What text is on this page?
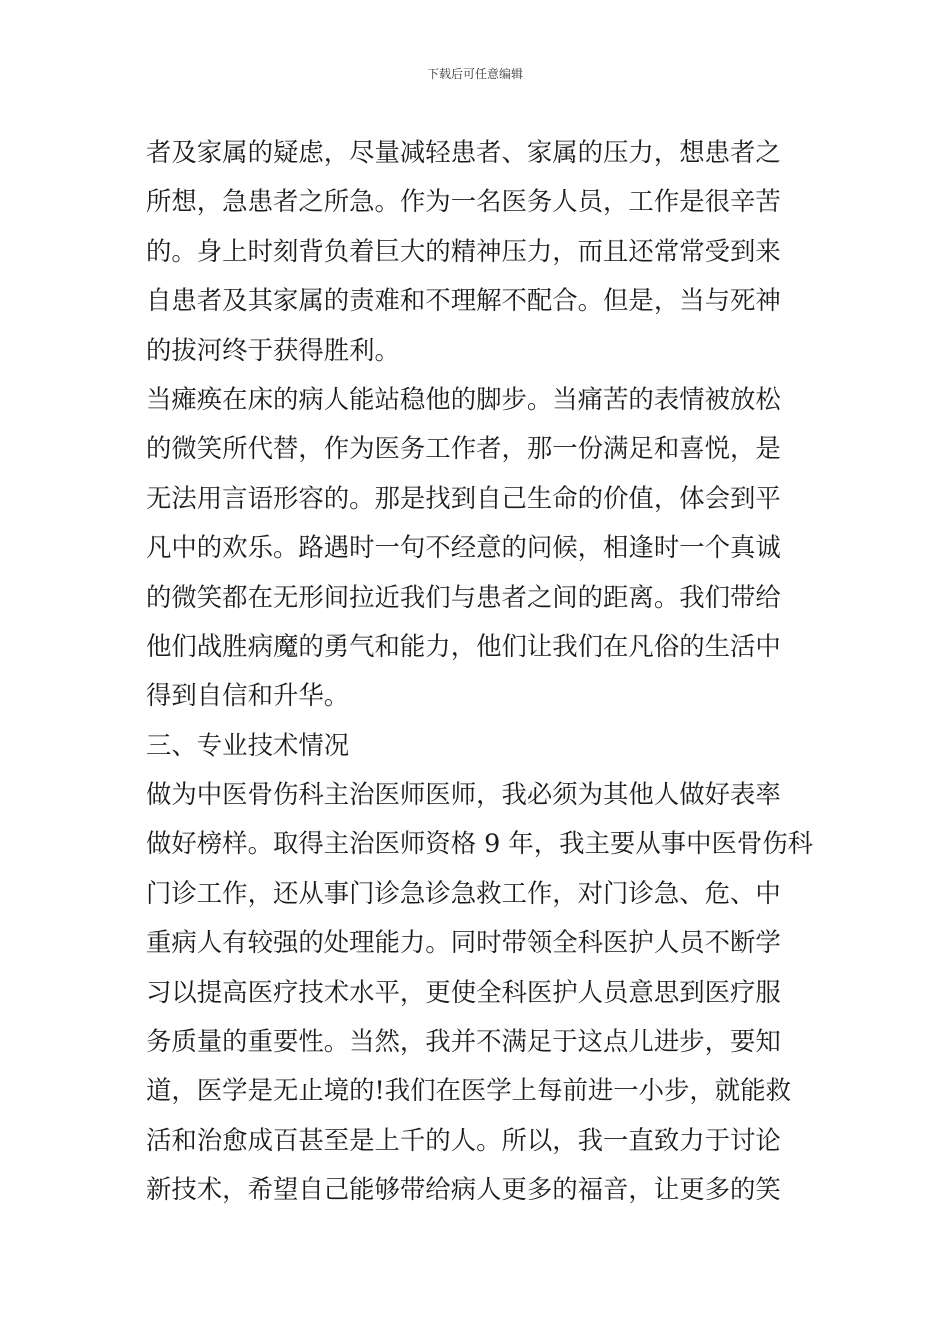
下载后可任意编辑
者及家属的疑虑，尽量减轻患者、家属的压力，想患者之
所想，急患者之所急。作为一名医务人员，工作是很辛苦
的。身上时刻背负着巨大的精神压力，而且还常常受到来
自患者及其家属的责难和不理解不配合。但是，当与死神
的拔河终于获得胜利。
当瘫痪在床的病人能站稳他的脚步。当痛苦的表情被放松
的微笑所代替，作为医务工作者，那一份满足和喜悦，是
无法用言语形容的。那是找到自己生命的价值，体会到平
凡中的欢乐。路遇时一句不经意的问候，相逢时一个真诚
的微笑都在无形间拉近我们与患者之间的距离。我们带给
他们战胜病魔的勇气和能力，他们让我们在凡俗的生活中
得到自信和升华。
三、专业技术情况
做为中医骨伤科主治医师医师，我必须为其他人做好表率
做好榜样。取得主治医师资格 9 年，我主要从事中医骨伤科
门诊工作，还从事门诊急诊急救工作，对门诊急、危、中
重病人有较强的处理能力。同时带领全科医护人员不断学
习以提高医疗技术水平，更使全科医护人员意思到医疗服
务质量的重要性。当然，我并不满足于这点儿进步，要知
道，医学是无止境的!我们在医学上每前进一小步，就能救
活和治愈成百甚至是上千的人。所以，我一直致力于讨论
新技术，希望自己能够带给病人更多的福音，让更多的笑
